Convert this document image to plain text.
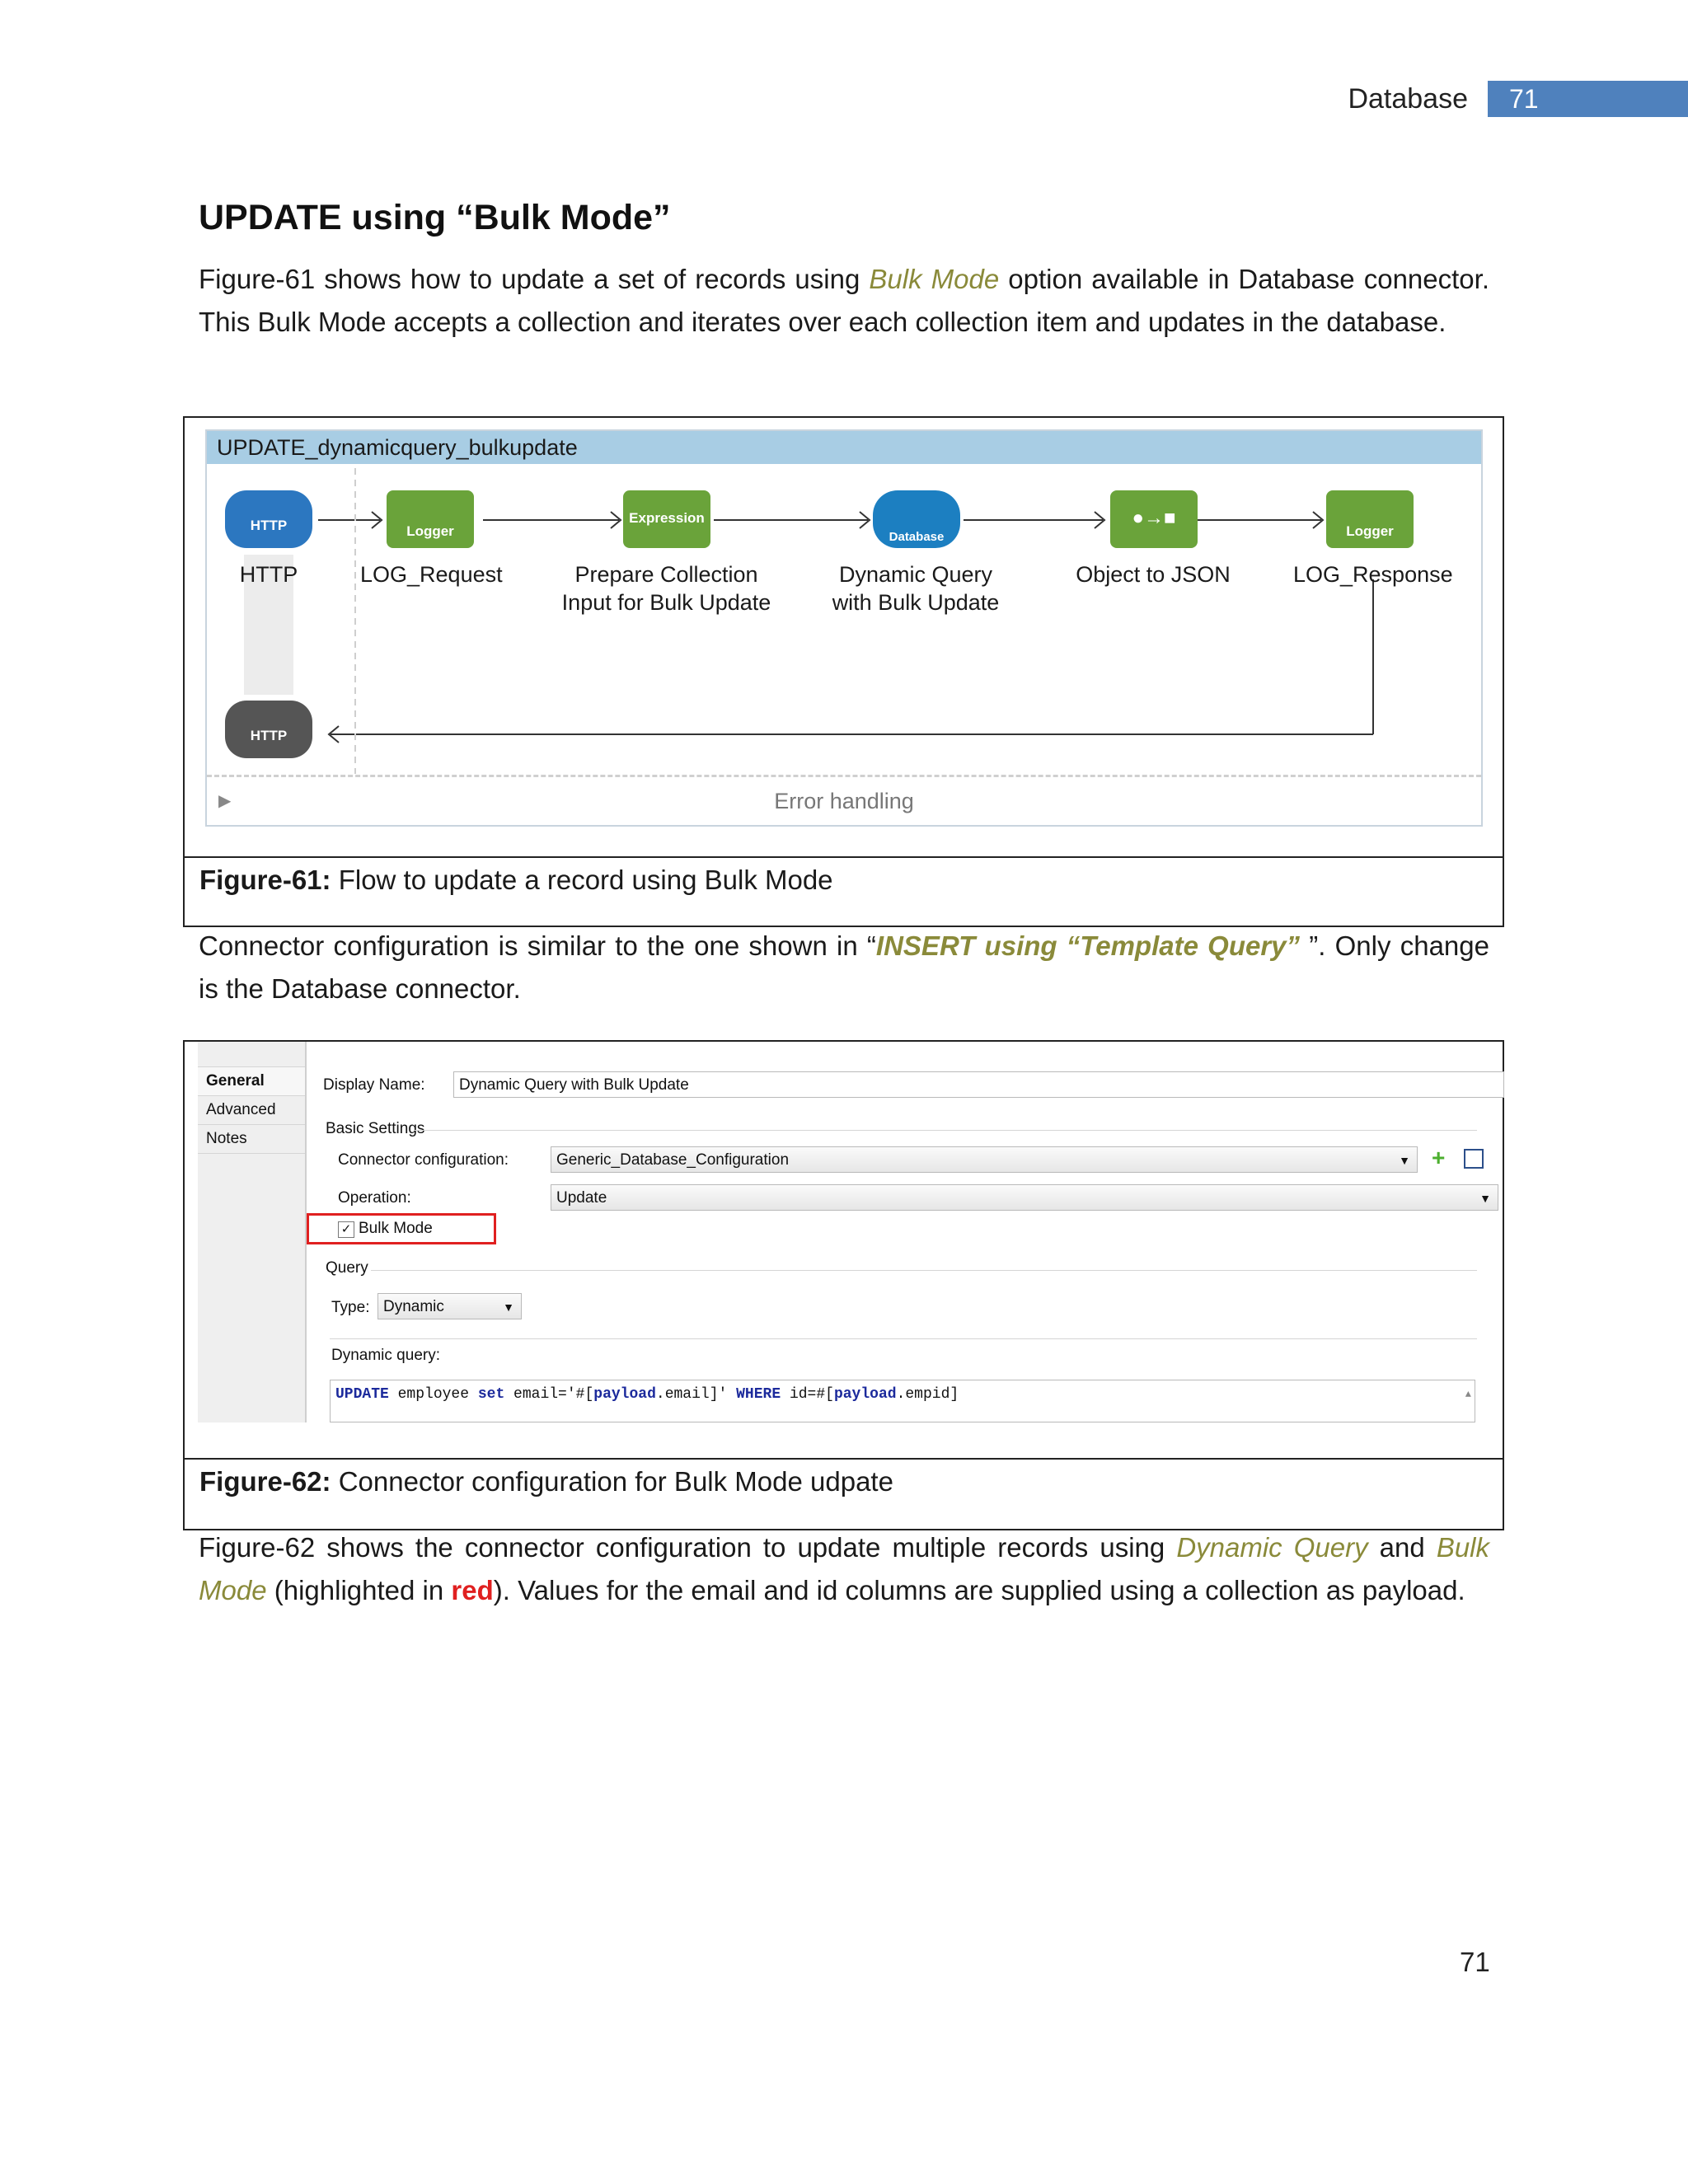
Database	71
UPDATE using “Bulk Mode”

Figure-61 shows how to update a set of records using Bulk Mode option available in Database connector. This Bulk Mode accepts a collection and iterates over each collection item and updates in the database.

UPDATE_dynamicquery_bulkupdate
HTTP	Logger
Expression
Database
●→■
Logger
HTTP
HTTP	LOG_Request	Prepare Collection Input for Bulk Update
Dynamic Query with Bulk Update
Object to JSON	LOG_Response
▶	Error handling
Figure-61: Flow to update a record using Bulk Mode

Connector configuration is similar to the one shown in “INSERT using “Template Query” ”. Only change is the Database connector.

General
Advanced
Notes
Display Name:	Dynamic Query with Bulk Update
Basic Settings
Connector configuration:	Generic_Database_Configuration	▼ +
Operation:	Update	▼
✓ Bulk Mode
Query
Type: Dynamic	▼
Dynamic query:
UPDATE employee set email='#[payload.email]' WHERE id=#[payload.empid]	▲
Figure-62: Connector configuration for Bulk Mode udpate

Figure-62 shows the connector configuration to update multiple records using Dynamic Query and Bulk Mode (highlighted in red). Values for the email and id columns are supplied using a collection as payload.

71
